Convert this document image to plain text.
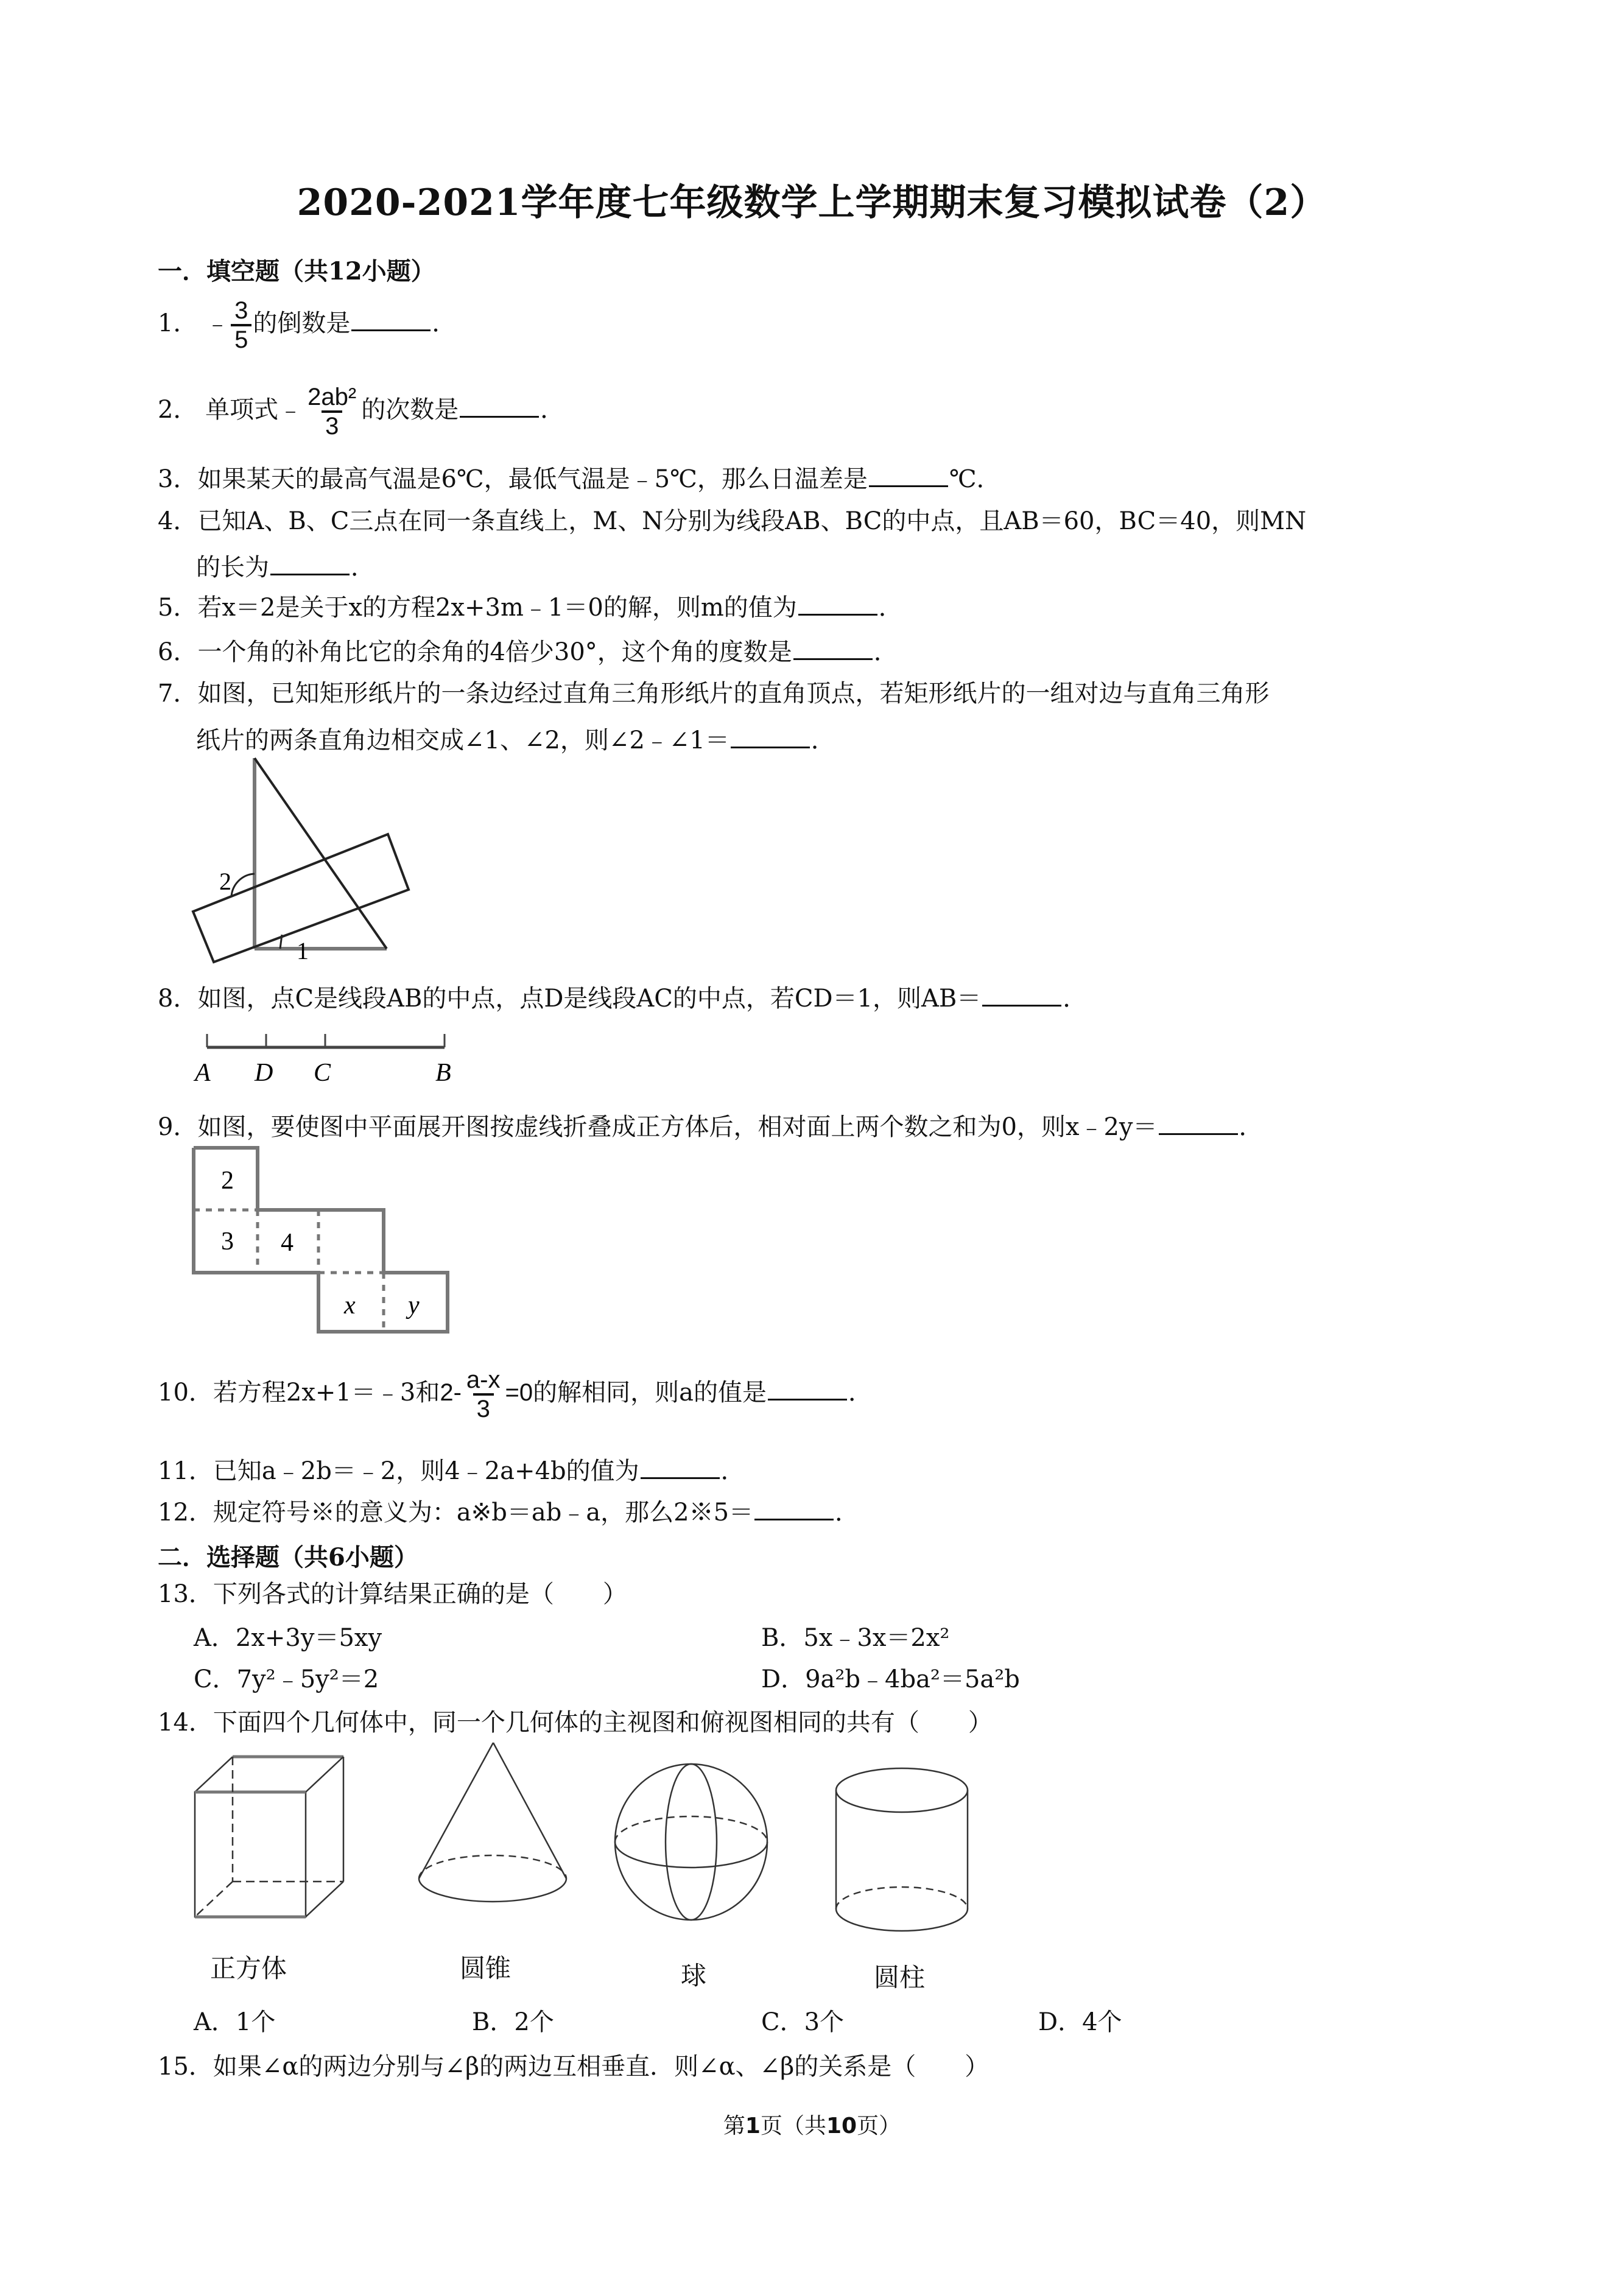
2020-2021学年度七年级数学上学期期末复习模拟试卷（2）
一．填空题（共12小题）
1． ﹣ $\frac{3}{5}$ 的倒数是	．
2． 单项式﹣ $\frac{\text{2ab²}}{3}$ 的次数是	．
3．如果某天的最高气温是6℃，最低气温是﹣5℃，那么日温差是	℃．
4．已知A、B、C三点在同一条直线上，M、N分别为线段AB、BC的中点，且AB＝60，BC＝40，则MN
的长为	．
5．若x＝2是关于x的方程2x+3m﹣1＝0的解，则m的值为	．
6．一个角的补角比它的余角的4倍少30°，这个角的度数是	．
7．如图，已知矩形纸片的一条边经过直角三角形纸片的直角顶点，若矩形纸片的一组对边与直角三角形
纸片的两条直角边相交成∠1、∠2，则∠2﹣∠1＝	．
2
1
8．如图，点C是线段AB的中点，点D是线段AC的中点，若CD＝1，则AB＝	．
A D C	B
9．如图，要使图中平面展开图按虚线折叠成正方体后，相对面上两个数之和为0，则x﹣2y＝	．
2
3 4
x y
10．若方程2x+1＝﹣3和$2- \frac{a-x}{3} =0$的解相同，则a的值是	．
11．已知a﹣2b＝﹣2，则4﹣2a+4b的值为	．
12．规定符号※的意义为：a※b＝ab﹣a，那么2※5＝	．
二．选择题（共6小题）
13．下列各式的计算结果正确的是（　　）
A．2x+3y＝5xy	B．5x﹣3x＝2x²
C．7y²﹣5y²＝2	D．9a²b﹣4ba²＝5a²b
14．下面四个几何体中，同一个几何体的主视图和俯视图相同的共有（　　）
正方体	圆锥	球	圆柱
A．1个	B．2个	C．3个	D．4个
15．如果∠α的两边分别与∠β的两边互相垂直．则∠α、∠β的关系是（　　）
第1页（共10页）
